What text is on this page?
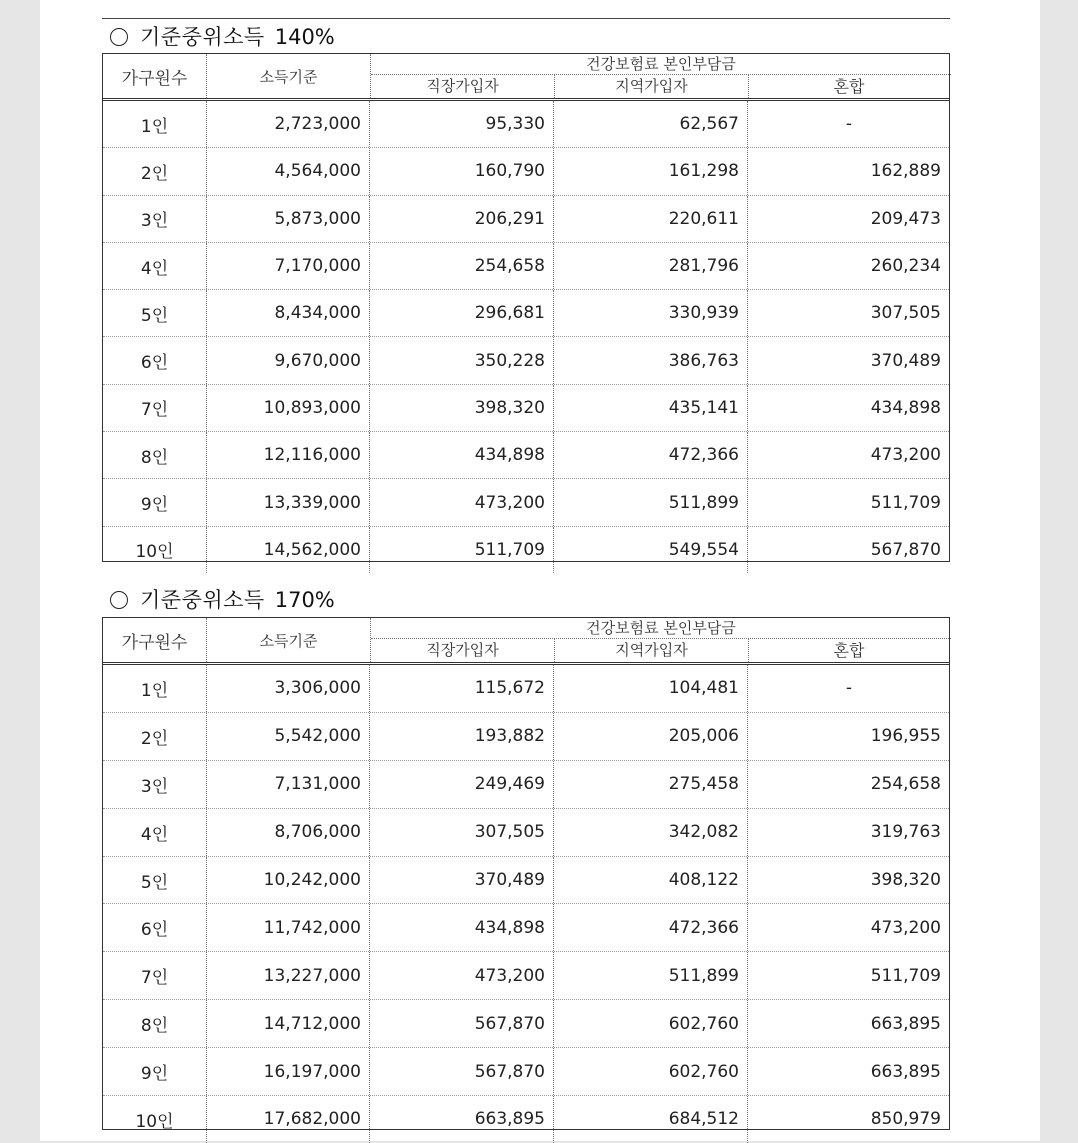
기준중위소득 140%
가구원수	소득기준
건강보험료 본인부담금
직장가입자	지역가입자	혼합
1인	2,723,000	95,330	62,567	-
2인	4,564,000	160,790	161,298	162,889
3인	5,873,000	206,291	220,611	209,473
4인	7,170,000	254,658	281,796	260,234
5인	8,434,000	296,681	330,939	307,505
6인	9,670,000	350,228	386,763	370,489
7인	10,893,000	398,320	435,141	434,898
8인	12,116,000	434,898	472,366	473,200
9인	13,339,000	473,200	511,899	511,709
10인	14,562,000	511,709	549,554	567,870
기준중위소득 170%
가구원수	소득기준
건강보험료 본인부담금
직장가입자	지역가입자	혼합
1인	3,306,000	115,672	104,481	-
2인	5,542,000	193,882	205,006	196,955
3인	7,131,000	249,469	275,458	254,658
4인	8,706,000	307,505	342,082	319,763
5인	10,242,000	370,489	408,122	398,320
6인	11,742,000	434,898	472,366	473,200
7인	13,227,000	473,200	511,899	511,709
8인	14,712,000	567,870	602,760	663,895
9인	16,197,000	567,870	602,760	663,895
10인	17,682,000	663,895	684,512	850,979
